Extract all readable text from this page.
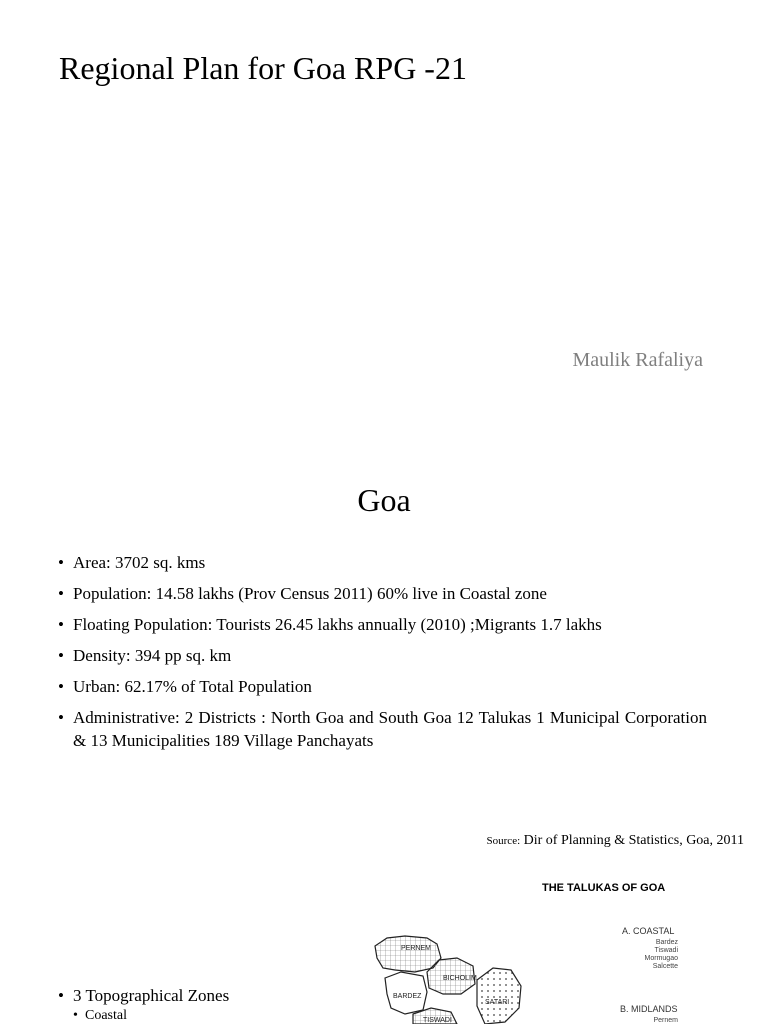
Regional Plan for Goa RPG -21
Maulik Rafaliya
Goa
• Area: 3702 sq. kms
• Population: 14.58 lakhs (Prov Census 2011) 60% live in Coastal zone
• Floating Population: Tourists 26.45 lakhs annually (2010) ;Migrants 1.7 lakhs
• Density: 394 pp sq. km
• Urban: 62.17% of Total Population
• Administrative: 2 Districts : North Goa and South Goa 12 Talukas 1 Municipal Corporation & 13 Municipalities 189 Village Panchayats
Source: Dir of Planning & Statistics, Goa, 2011
THE TALUKAS OF GOA
A. COASTAL
Bardez
Tiswadi
Mormugao
Salcette
B. MIDLANDS
Pernem
PERNEM
BARDEZ
BICHOLIM
SATARI
TISWADI
• 3 Topographical Zones
• Coastal
